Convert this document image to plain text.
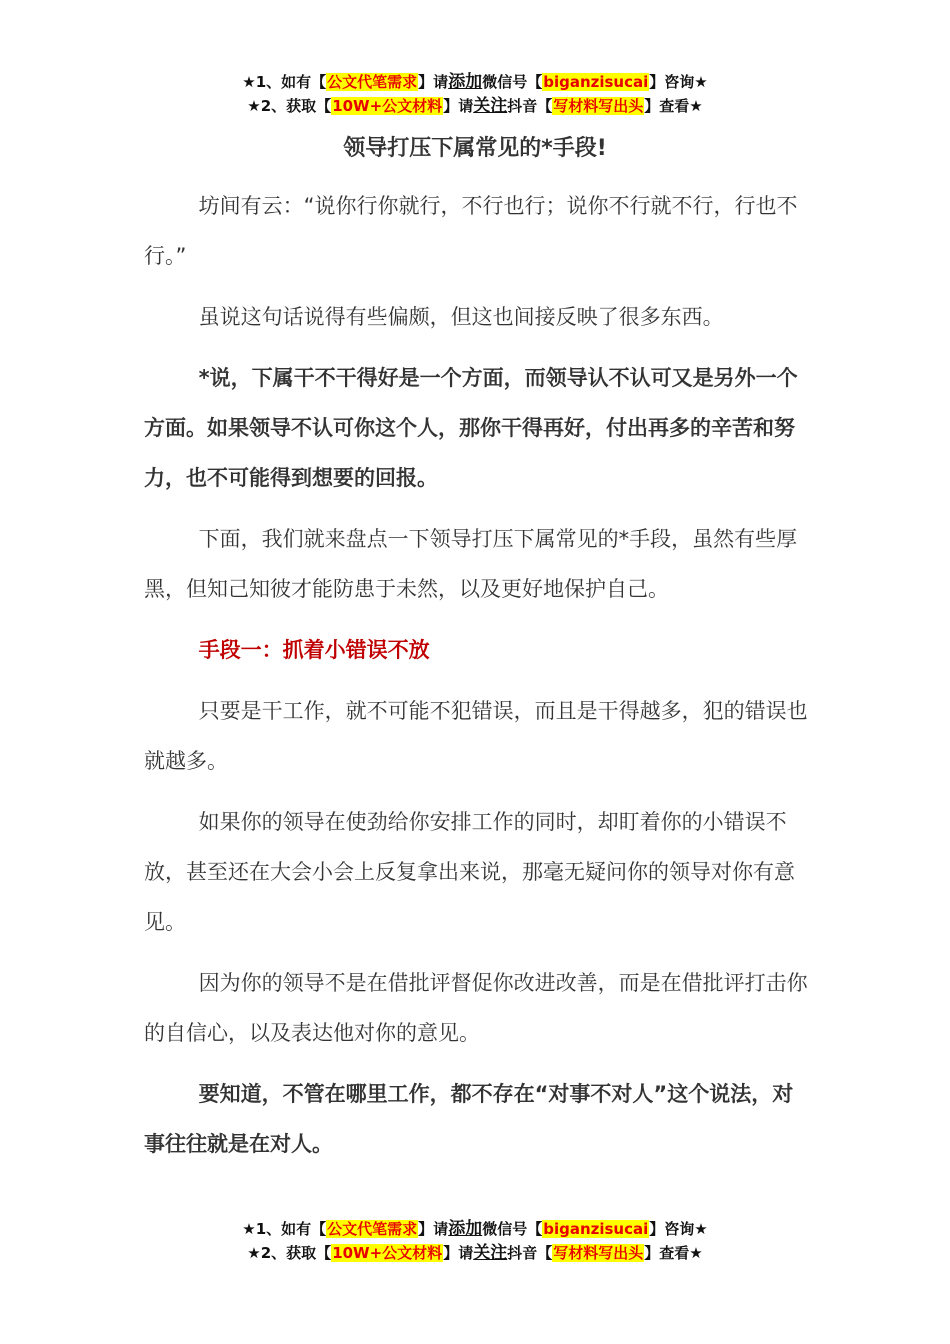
★1、如有【公文代笔需求】请添加微信号【biganzisucai】咨询★
★2、获取【10W+公文材料】请关注抖音【写材料写出头】查看★
领导打压下属常见的*手段!

坊间有云：“说你行你就行，不行也行；说你不行就不行，行也不行。”

虽说这句话说得有些偏颇，但这也间接反映了很多东西。

*说，下属干不干得好是一个方面，而领导认不认可又是另外一个方面。如果领导不认可你这个人，那你干得再好，付出再多的辛苦和努力，也不可能得到想要的回报。

下面，我们就来盘点一下领导打压下属常见的*手段，虽然有些厚黑，但知己知彼才能防患于未然，以及更好地保护自己。

手段一：抓着小错误不放

只要是干工作，就不可能不犯错误，而且是干得越多，犯的错误也就越多。

如果你的领导在使劲给你安排工作的同时，却盯着你的小错误不放，甚至还在大会小会上反复拿出来说，那毫无疑问你的领导对你有意见。

因为你的领导不是在借批评督促你改进改善，而是在借批评打击你的自信心，以及表达他对你的意见。

要知道，不管在哪里工作，都不存在“对事不对人”这个说法，对事往往就是在对人。

★1、如有【公文代笔需求】请添加微信号【biganzisucai】咨询★
★2、获取【10W+公文材料】请关注抖音【写材料写出头】查看★
